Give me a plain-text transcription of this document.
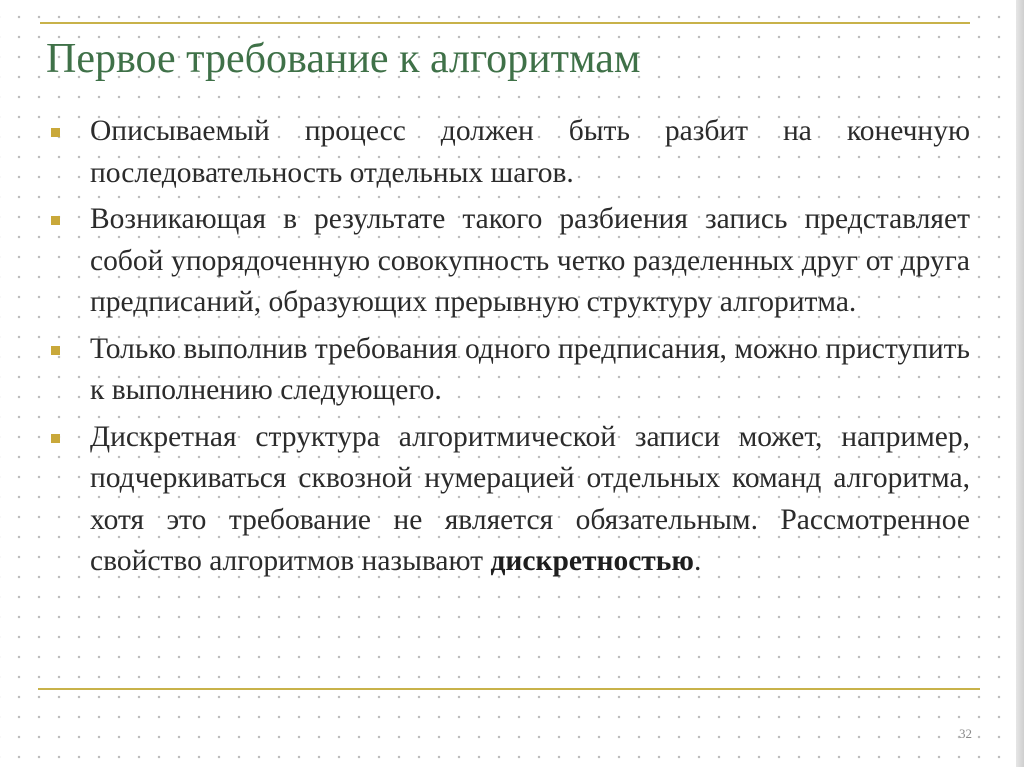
Первое требование к алгоритмам
Описываемый процесс должен быть разбит на конечную последовательность отдельных шагов.
Возникающая в результате такого разбиения запись представляет собой упорядоченную совокупность четко разделенных друг от друга предписаний, образующих прерывную структуру алгоритма.
Только выполнив требования одного предписания, можно приступить к выполнению следующего.
Дискретная структура алгоритмической записи может, например, подчеркиваться сквозной нумерацией отдельных команд алгоритма, хотя это требование не является обязательным. Рассмотренное свойство алгоритмов называют дискретностью.
32
